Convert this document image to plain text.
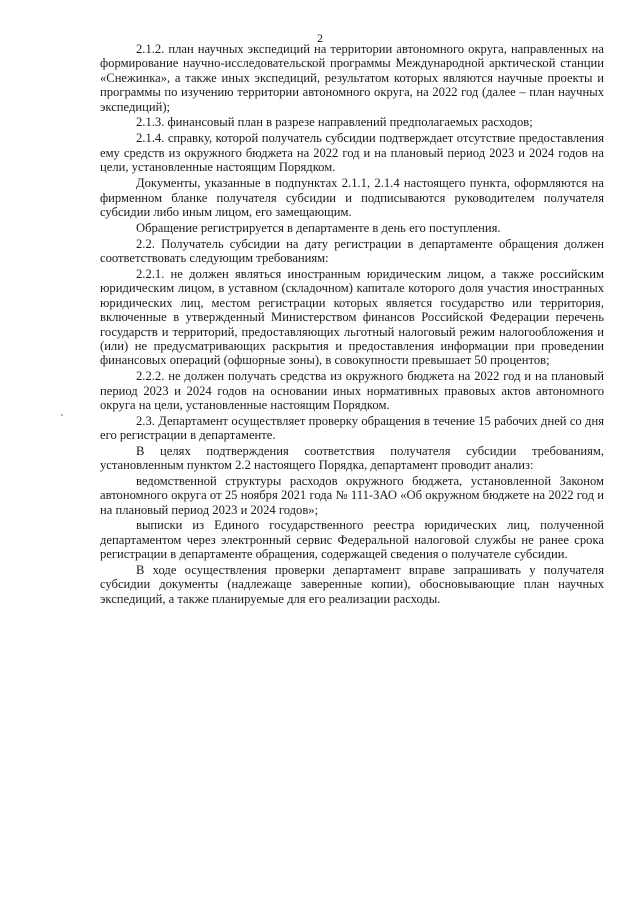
2

2.1.2. план научных экспедиций на территории автономного округа, направленных на формирование научно-исследовательской программы Международной арктической станции «Снежинка», а также иных экспедиций, результатом которых являются научные проекты и программы по изучению территории автономного округа, на 2022 год (далее – план научных экспедиций);

2.1.3. финансовый план в разрезе направлений предполагаемых расходов;

2.1.4. справку, которой получатель субсидии подтверждает отсутствие предоставления ему средств из окружного бюджета на 2022 год и на плановый период 2023 и 2024 годов на цели, установленные настоящим Порядком.

Документы, указанные в подпунктах 2.1.1, 2.1.4 настоящего пункта, оформляются на фирменном бланке получателя субсидии и подписываются руководителем получателя субсидии либо иным лицом, его замещающим.

Обращение регистрируется в департаменте в день его поступления.

2.2. Получатель субсидии на дату регистрации в департаменте обращения должен соответствовать следующим требованиям:

2.2.1. не должен являться иностранным юридическим лицом, а также российским юридическим лицом, в уставном (складочном) капитале которого доля участия иностранных юридических лиц, местом регистрации которых является государство или территория, включенные в утвержденный Министерством финансов Российской Федерации перечень государств и территорий, предоставляющих льготный налоговый режим налогообложения и (или) не предусматривающих раскрытия и предоставления информации при проведении финансовых операций (офшорные зоны), в совокупности превышает 50 процентов;

2.2.2. не должен получать средства из окружного бюджета на 2022 год и на плановый период 2023 и 2024 годов на основании иных нормативных правовых актов автономного округа на цели, установленные настоящим Порядком.

2.3. Департамент осуществляет проверку обращения в течение 15 рабочих дней со дня его регистрации в департаменте.

В целях подтверждения соответствия получателя субсидии требованиям, установленным пунктом 2.2 настоящего Порядка, департамент проводит анализ:

ведомственной структуры расходов окружного бюджета, установленной Законом автономного округа от 25 ноября 2021 года № 111-ЗАО «Об окружном бюджете на 2022 год и на плановый период 2023 и 2024 годов»;

выписки из Единого государственного реестра юридических лиц, полученной департаментом через электронный сервис Федеральной налоговой службы не ранее срока регистрации в департаменте обращения, содержащей сведения о получателе субсидии.

В ходе осуществления проверки департамент вправе запрашивать у получателя субсидии документы (надлежаще заверенные копии), обосновывающие план научных экспедиций, а также планируемые для его реализации расходы.
